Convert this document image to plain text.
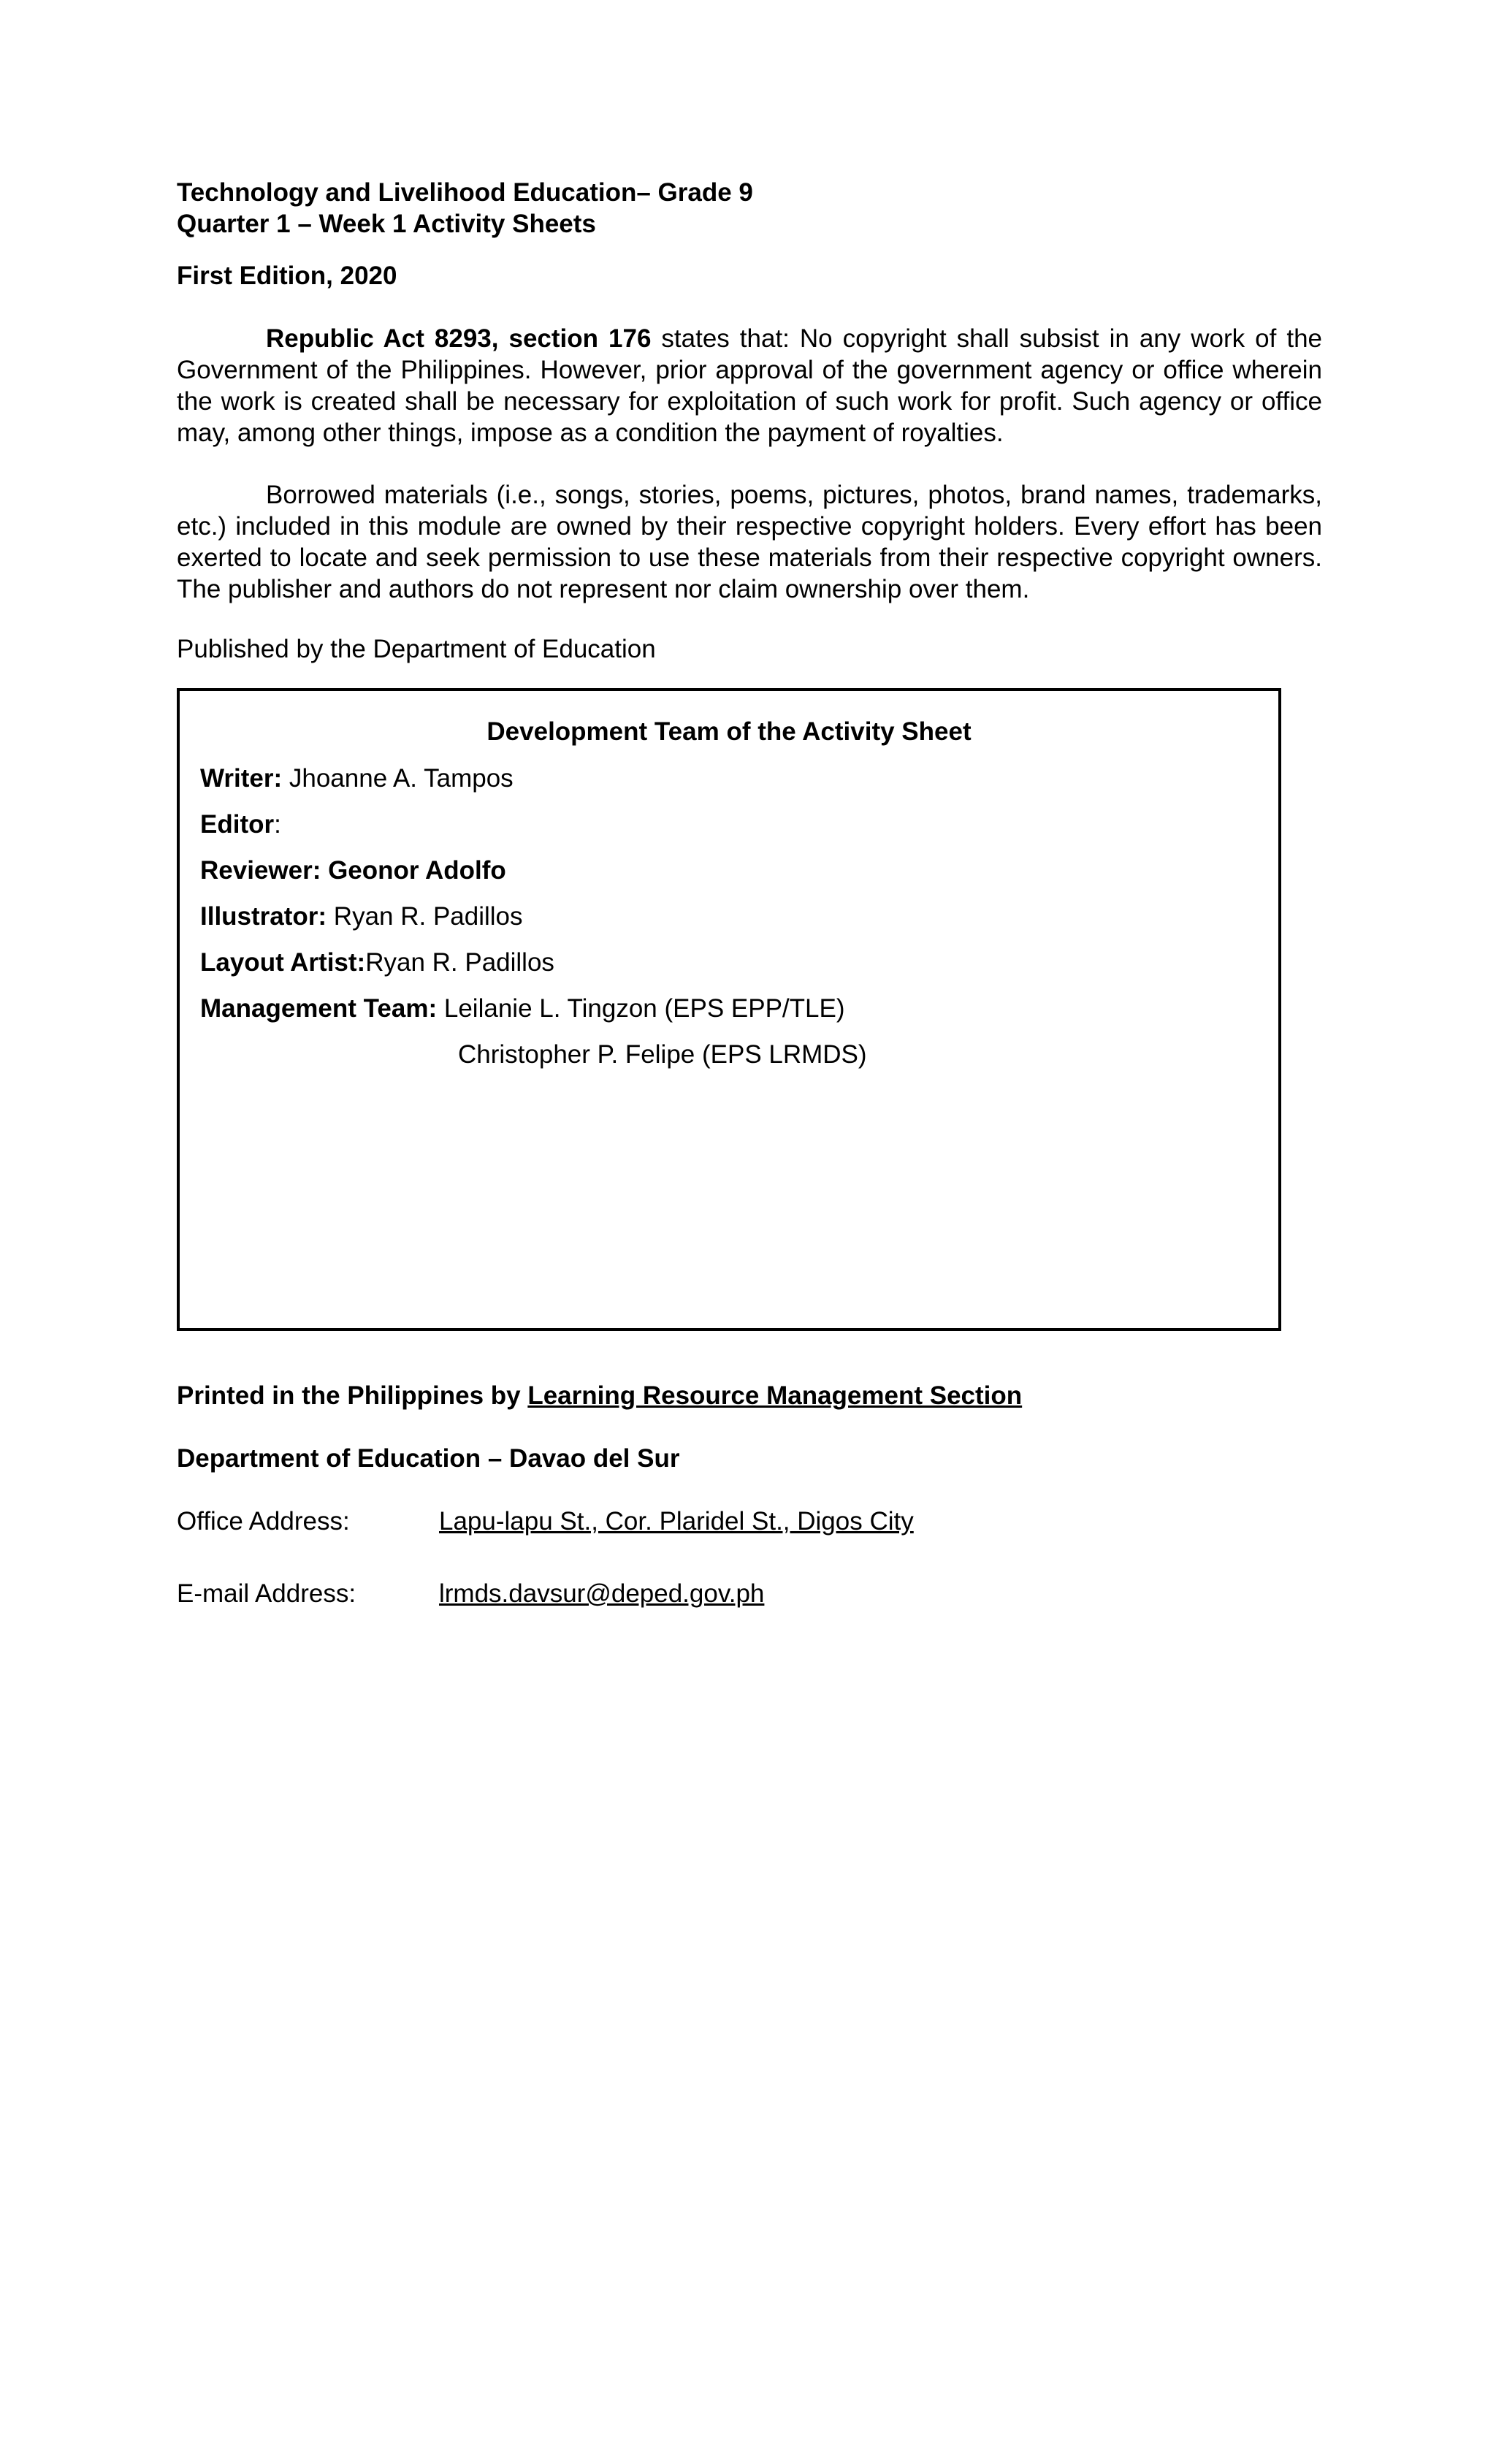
Technology and Livelihood Education– Grade 9
Quarter 1 – Week 1 Activity Sheets
First Edition, 2020
Republic Act 8293, section 176 states that: No copyright shall subsist in any work of the Government of the Philippines. However, prior approval of the government agency or office wherein the work is created shall be necessary for exploitation of such work for profit. Such agency or office may, among other things, impose as a condition the payment of royalties.
Borrowed materials (i.e., songs, stories, poems, pictures, photos, brand names, trademarks, etc.) included in this module are owned by their respective copyright holders. Every effort has been exerted to locate and seek permission to use these materials from their respective copyright owners. The publisher and authors do not represent nor claim ownership over them.
Published by the Department of Education
Development Team of the Activity Sheet
Writer: Jhoanne A. Tampos
Editor:
Reviewer: Geonor Adolfo
Illustrator: Ryan R. Padillos
Layout Artist:Ryan R. Padillos
Management Team: Leilanie L. Tingzon (EPS EPP/TLE)
Christopher P. Felipe (EPS LRMDS)
Printed in the Philippines by Learning Resource Management Section
Department of Education – Davao del Sur
Office Address:	Lapu-lapu St., Cor. Plaridel St., Digos City
E-mail Address:	lrmds.davsur@deped.gov.ph
